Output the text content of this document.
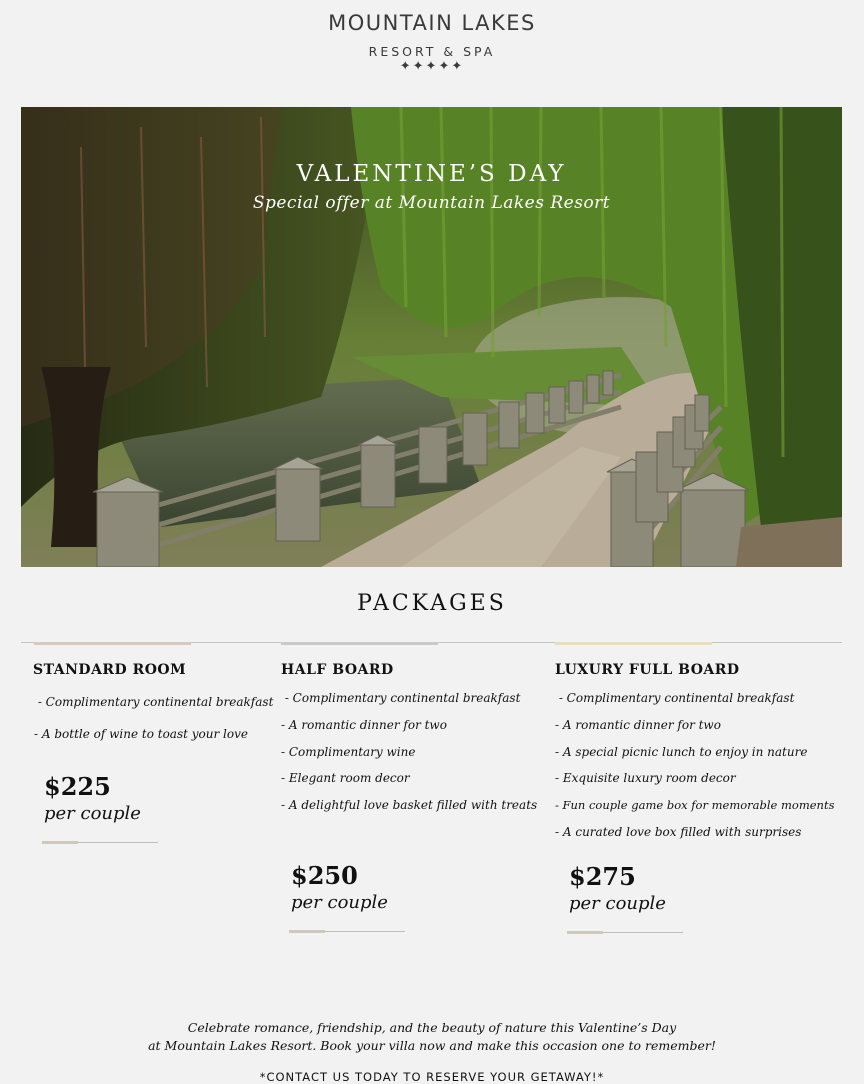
MOUNTAIN LAKES
RESORT & SPA
✦✦✦✦✦
VALENTINE’S DAY
Special offer at Mountain Lakes Resort
PACKAGES
STANDARD ROOM
- Complimentary continental breakfast
- A bottle of wine to toast your love
$225
per couple
HALF BOARD
- Complimentary continental breakfast
- A romantic dinner for two
- Complimentary wine
- Elegant room decor
- A delightful love basket filled with treats
$250
per couple
LUXURY FULL BOARD
- Complimentary continental breakfast
- A romantic dinner for two
- A special picnic lunch to enjoy in nature
- Exquisite luxury room decor
- Fun couple game box for memorable moments
- A curated love box filled with surprises
$275
per couple
Celebrate romance, friendship, and the beauty of nature this Valentine’s Day
at Mountain Lakes Resort. Book your villa now and make this occasion one to remember!
*CONTACT US TODAY TO RESERVE YOUR GETAWAY!*
